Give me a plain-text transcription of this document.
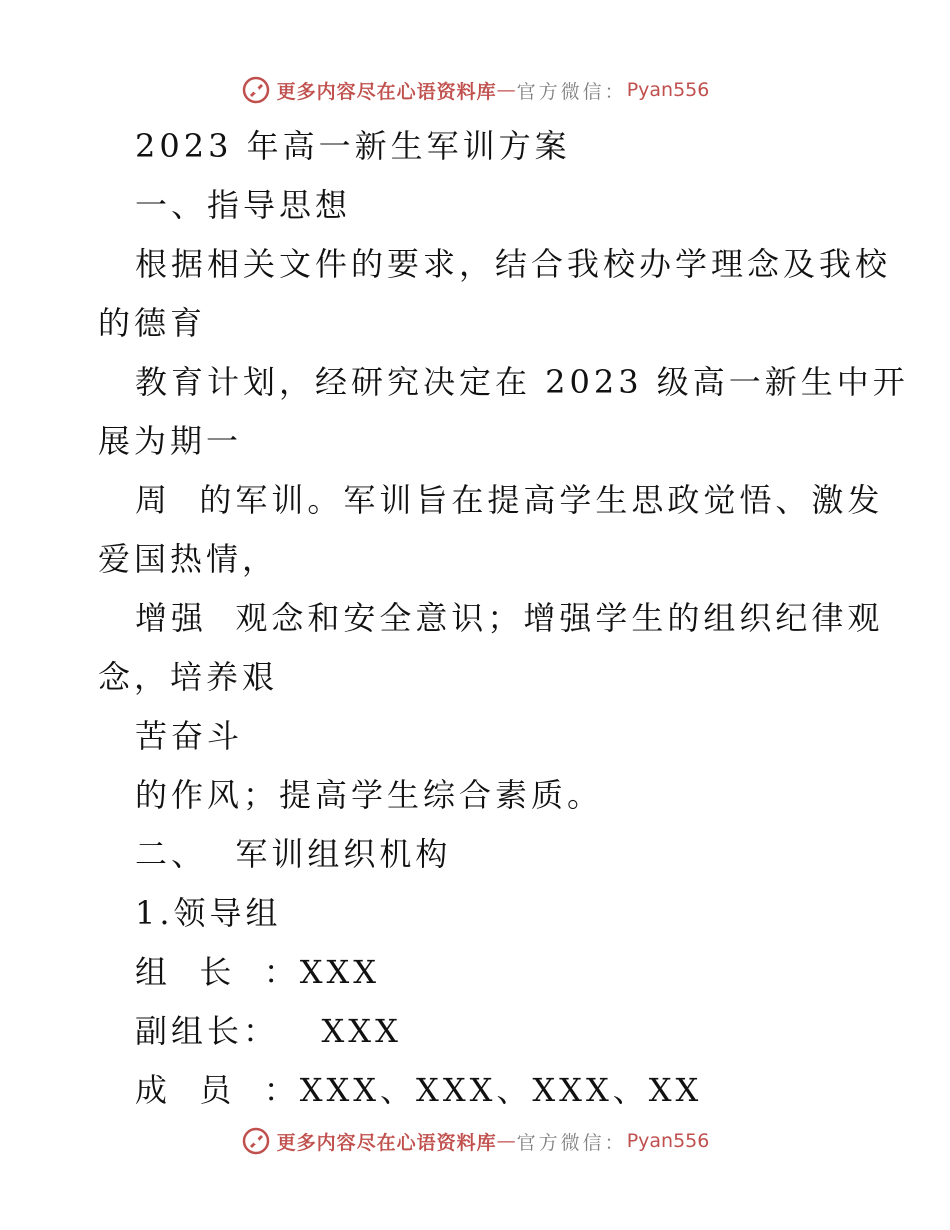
更多内容尽在心语资料库 — 官方微信： Pyan556
2023 年高一新生军训方案
一、指导思想
根据相关文件的要求，结合我校办学理念及我校
的德育
教育计划，经研究决定在 2023 级高一新生中开
展为期一
周  的军训。军训旨在提高学生思政觉悟、激发
爱国热情，
增强  观念和安全意识；增强学生的组织纪律观
念，培养艰
苦奋斗
的作风；提高学生综合素质。
二、  军训组织机构
1.领导组
组  长  ：XXX
副组长：   XXX
成  员  ：XXX、XXX、XXX、XX
更多内容尽在心语资料库 — 官方微信： Pyan556
